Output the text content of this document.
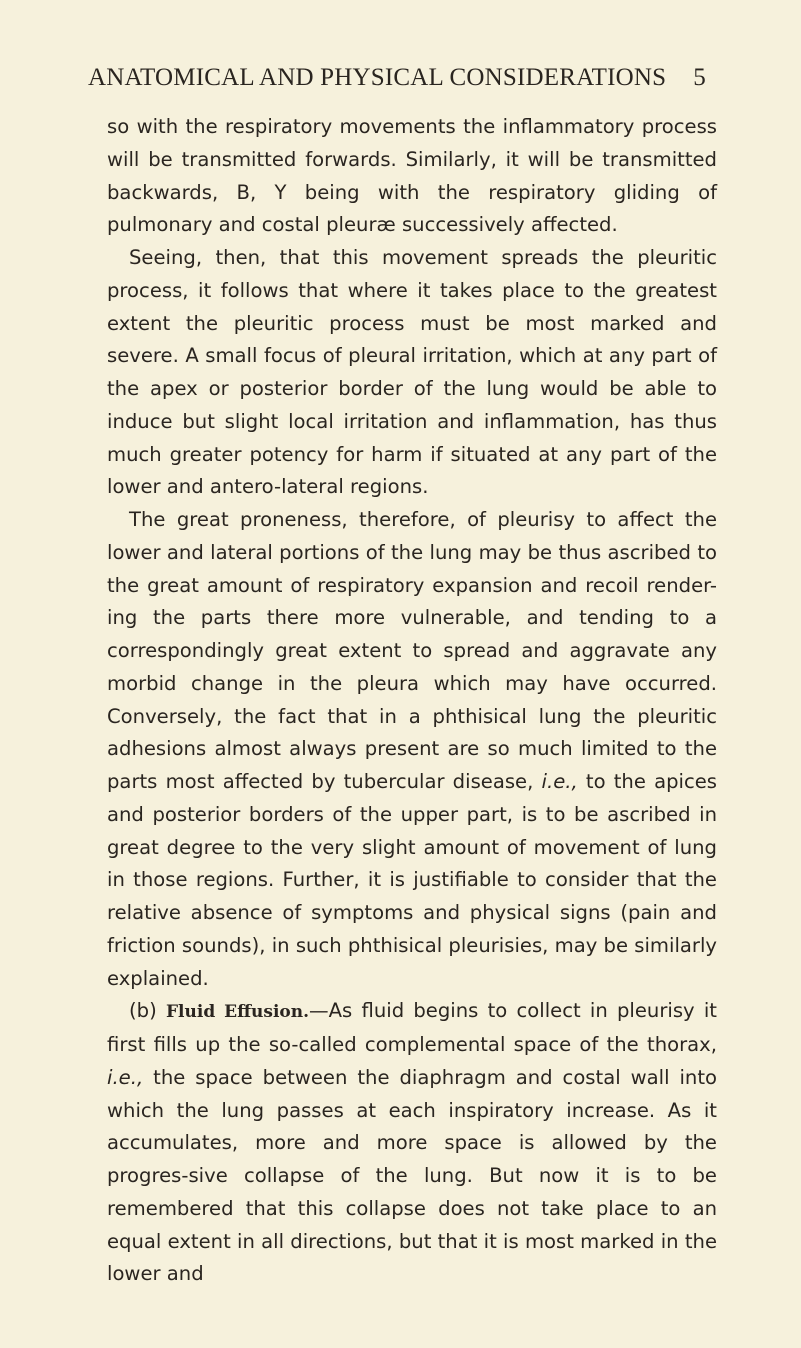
ANATOMICAL AND PHYSICAL CONSIDERATIONS 5

so with the respiratory movements the inflammatory process will be transmitted forwards. Similarly, it will be transmitted backwards, B, Y being with the respiratory gliding of pulmonary and costal pleuræ successively affected.

Seeing, then, that this movement spreads the pleuritic process, it follows that where it takes place to the greatest extent the pleuritic process must be most marked and severe. A small focus of pleural irritation, which at any part of the apex or posterior border of the lung would be able to induce but slight local irritation and inflammation, has thus much greater potency for harm if situated at any part of the lower and antero-lateral regions.

The great proneness, therefore, of pleurisy to affect the lower and lateral portions of the lung may be thus ascribed to the great amount of respiratory expansion and recoil render-ing the parts there more vulnerable, and tending to a correspondingly great extent to spread and aggravate any morbid change in the pleura which may have occurred. Conversely, the fact that in a phthisical lung the pleuritic adhesions almost always present are so much limited to the parts most affected by tubercular disease, i.e., to the apices and posterior borders of the upper part, is to be ascribed in great degree to the very slight amount of movement of lung in those regions. Further, it is justifiable to consider that the relative absence of symptoms and physical signs (pain and friction sounds), in such phthisical pleurisies, may be similarly explained.

(b) Fluid Effusion.—As fluid begins to collect in pleurisy it first fills up the so-called complemental space of the thorax, i.e., the space between the diaphragm and costal wall into which the lung passes at each inspiratory increase. As it accumulates, more and more space is allowed by the progres-sive collapse of the lung. But now it is to be remembered that this collapse does not take place to an equal extent in all directions, but that it is most marked in the lower and
